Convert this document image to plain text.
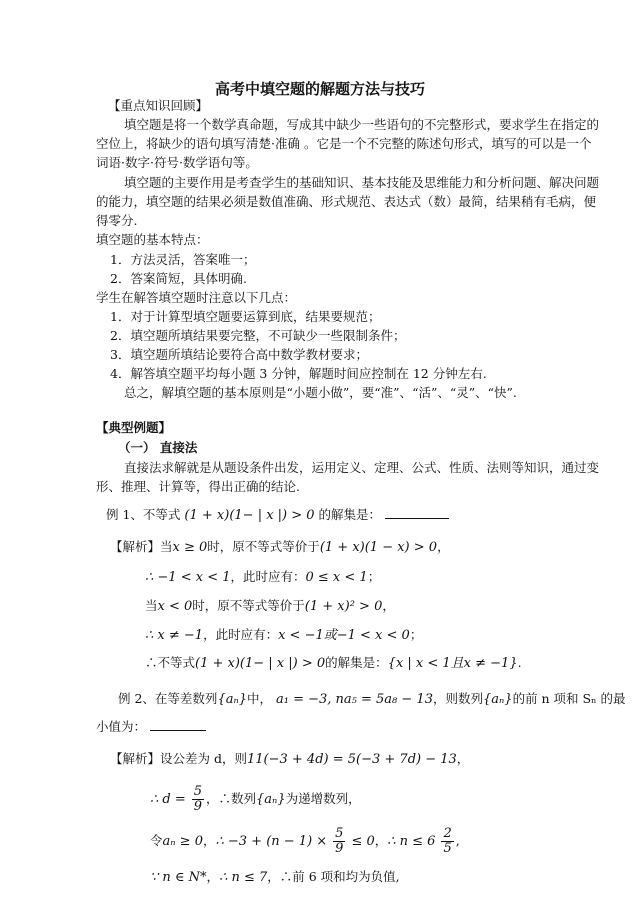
高考中填空题的解题方法与技巧
【重点知识回顾】
填空题是将一个数学真命题，写成其中缺少一些语句的不完整形式，要求学生在指定的
空位上，将缺少的语句填写清楚·准确 。它是一个不完整的陈述句形式，填写的可以是一个
词语·数字·符号·数学语句等。
填空题的主要作用是考查学生的基础知识、基本技能及思维能力和分析问题、解决问题
的能力，填空题的结果必须是数值准确、形式规范、表达式（数）最简，结果稍有毛病，便
得零分.
填空题的基本特点：
1．方法灵活，答案唯一；
2．答案简短，具体明确.
学生在解答填空题时注意以下几点：
1．对于计算型填空题要运算到底，结果要规范；
2．填空题所填结果要完整，不可缺少一些限制条件；
3．填空题所填结论要符合高中数学教材要求；
4．解答填空题平均每小题 3 分钟，解题时间应控制在 12 分钟左右.
总之，解填空题的基本原则是“小题小做”，要“准”、“活”、“灵”、“快”.
【典型例题】
（一） 直接法
直接法求解就是从题设条件出发，运用定义、定理、公式、性质、法则等知识，通过变
形、推理、计算等，得出正确的结论.
例 1、不等式 (1 + x)(1− | x |) > 0 的解集是：
【解析】当x ≥ 0时，原不等式等价于(1 + x)(1 − x) > 0，
∴ −1 < x < 1，此时应有：0 ≤ x < 1；
当x < 0时，原不等式等价于(1 + x)² > 0，
∴ x ≠ −1，此时应有：x < −1或−1 < x < 0；
∴不等式(1 + x)(1− | x |) > 0的解集是：{x | x < 1且x ≠ −1}.
例 2、在等差数列{aₙ}中， a₁ = −3, na₅ = 5a₈ − 13，则数列{aₙ}的前 n 项和 Sₙ 的最
小值为：
【解析】设公差为 d，则11(−3 + 4d) = 5(−3 + 7d) − 13，
∴ $d = \frac{5}{9}$ ，∴数列{aₙ}为递增数列，
令aₙ ≥ 0，∴ $-3 + (n - 1) \times \frac{5}{9} \le 0$，∴ $n \le 6 \frac{2}{5}$ ,
∵ n ∈ N*，∴ n ≤ 7，∴前 6 项和均为负值,
